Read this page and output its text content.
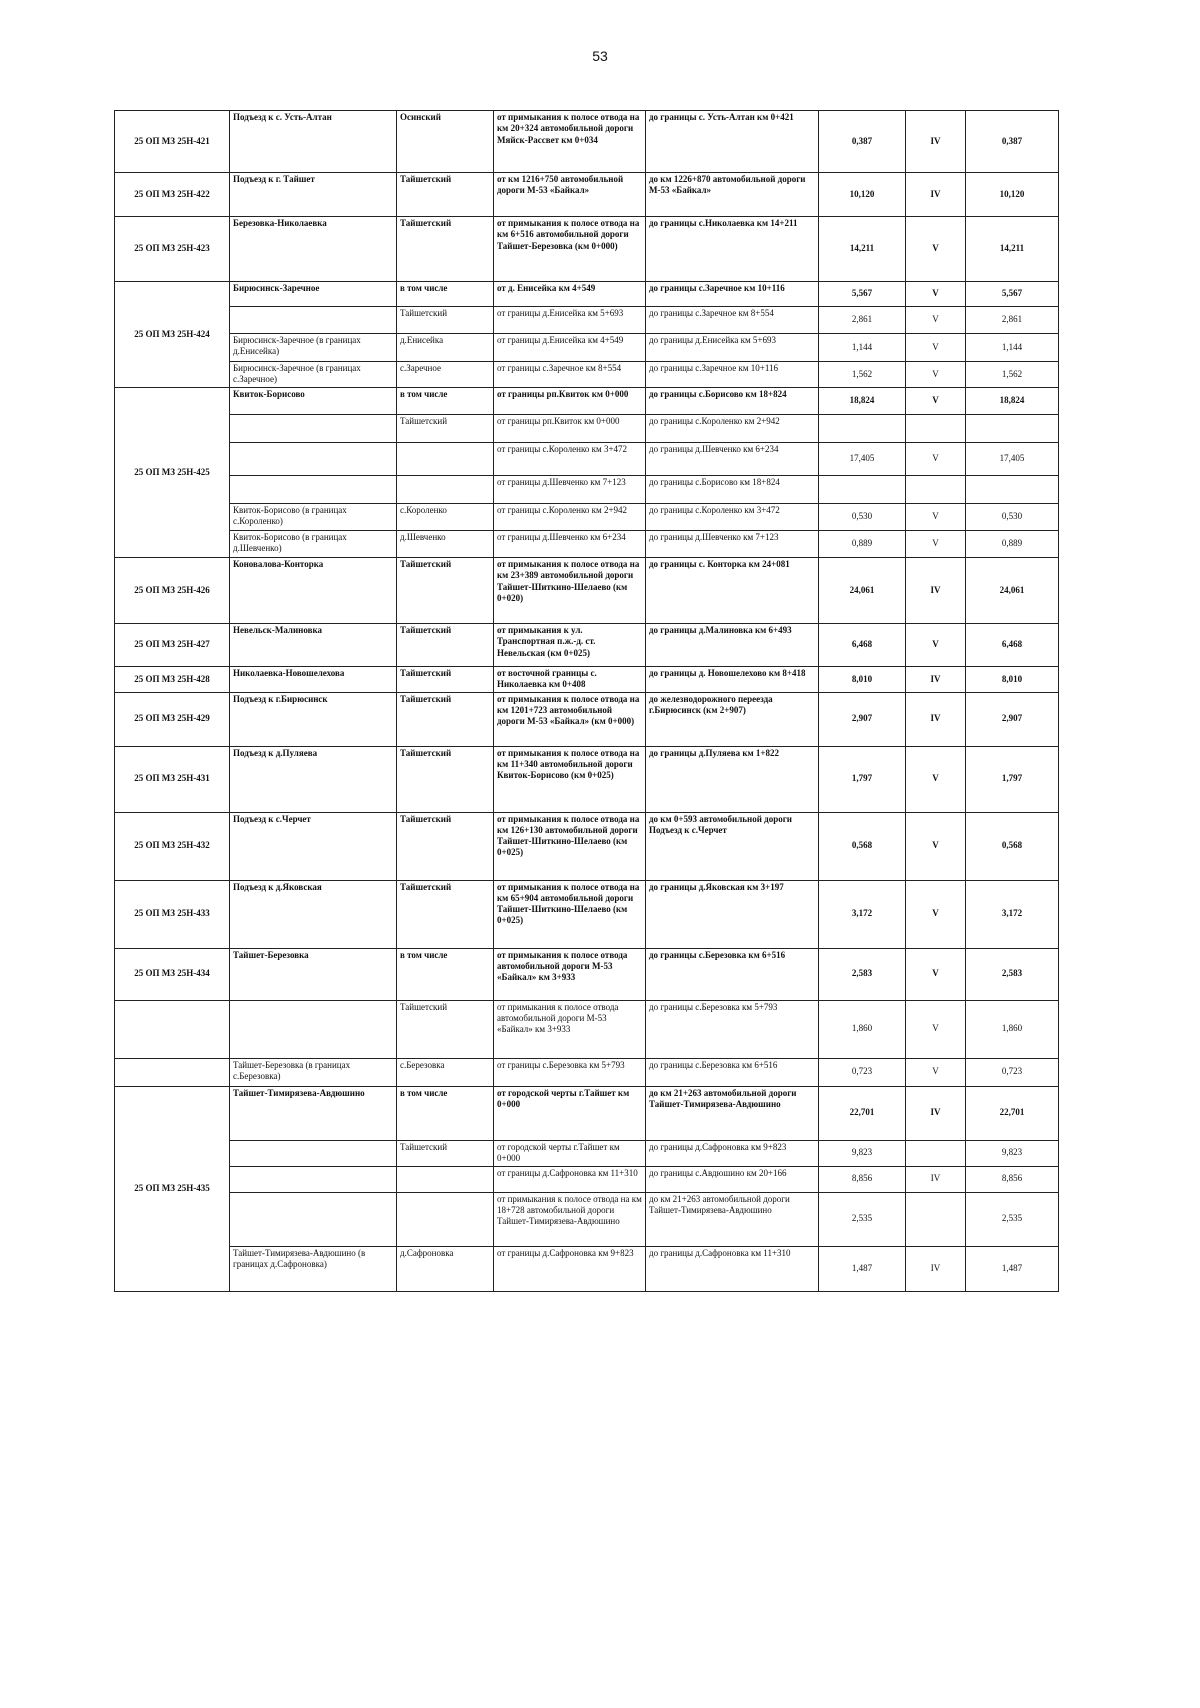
53
25 ОП МЗ 25Н-421	Подъезд к с. Усть-Алтан	Осинский	от примыкания к полосе отвода на км 20+324 автомобильной дороги Мяйск-Рассвет км 0+034	до границы с. Усть-Алтан км 0+421	0,387	IV	0,387
25 ОП МЗ 25Н-422	Подъезд к г. Тайшет	Тайшетский	от км 1216+750 автомобильной дороги М-53 «Байкал»	до км 1226+870 автомобильной дороги М-53 «Байкал»	10,120	IV	10,120
25 ОП МЗ 25Н-423	Березовка-Николаевка	Тайшетский	от примыкания к полосе отвода на км 6+516 автомобильной дороги Тайшет-Березовка (км 0+000)	до границы с.Николаевка км 14+211	14,211	V	14,211
25 ОП МЗ 25Н-424	Бирюсинск-Заречное	в том числе	от д. Енисейка км 4+549	до границы с.Заречное км 10+116	5,567	V	5,567
		Тайшетский	от границы д.Енисейка км 5+693	до границы с.Заречное км 8+554	2,861	V	2,861
	Бирюсинск-Заречное (в границах д.Енисейка)	д.Енисейка	от границы д.Енисейка км 4+549	до границы д.Енисейка км 5+693	1,144	V	1,144
	Бирюсинск-Заречное (в границах с.Заречное)	с.Заречное	от границы с.Заречное км 8+554	до границы с.Заречное км 10+116	1,562	V	1,562
25 ОП МЗ 25Н-425	Квиток-Борисово	в том числе	от границы рп.Квиток км 0+000	до границы с.Борисово км 18+824	18,824	V	18,824
		Тайшетский	от границы рп.Квиток км 0+000	до границы с.Короленко км 2+942			
			от границы с.Короленко км 3+472	до границы д.Шевченко км 6+234	17,405	V	17,405
			от границы д.Шевченко км 7+123	до границы с.Борисово км 18+824			
	Квиток-Борисово (в границах с.Короленко)	с.Короленко	от границы с.Короленко км 2+942	до границы с.Короленко км 3+472	0,530	V	0,530
	Квиток-Борисово (в границах д.Шевченко)	д.Шевченко	от границы д.Шевченко км 6+234	до границы д.Шевченко км 7+123	0,889	V	0,889
25 ОП МЗ 25Н-426	Коновалова-Конторка	Тайшетский	от примыкания к полосе отвода на км 23+389 автомобильной дороги Тайшет-Шиткино-Шелаево (км 0+020)	до границы с. Конторка км 24+081	24,061	IV	24,061
25 ОП МЗ 25Н-427	Невельск-Малиновка	Тайшетский	от примыкания к ул. Транспортная п.ж.-д. ст. Невельская (км 0+025)	до границы д.Малиновка км 6+493	6,468	V	6,468
25 ОП МЗ 25Н-428	Николаевка-Новошелехова	Тайшетский	от восточной границы с. Николаевка км 0+408	до границы д. Новошелехово км 8+418	8,010	IV	8,010
25 ОП МЗ 25Н-429	Подъезд к г.Бирюсинск	Тайшетский	от примыкания к полосе отвода на км 1201+723 автомобильной дороги М-53 «Байкал» (км 0+000)	до железнодорожного переезда г.Бирюсинск (км 2+907)	2,907	IV	2,907
25 ОП МЗ 25Н-431	Подъезд к д.Пуляева	Тайшетский	от примыкания к полосе отвода на км 11+340 автомобильной дороги Квиток-Борисово (км 0+025)	до границы д.Пуляева км 1+822	1,797	V	1,797
25 ОП МЗ 25Н-432	Подъезд к с.Черчет	Тайшетский	от примыкания к полосе отвода на км 126+130 автомобильной дороги Тайшет-Шиткино-Шелаево (км 0+025)	до км 0+593 автомобильной дороги Подъезд к с.Черчет	0,568	V	0,568
25 ОП МЗ 25Н-433	Подъезд к д.Яковская	Тайшетский	от примыкания к полосе отвода на км 65+904 автомобильной дороги Тайшет-Шиткино-Шелаево (км 0+025)	до границы д.Яковская км 3+197	3,172	V	3,172
25 ОП МЗ 25Н-434	Тайшет-Березовка	в том числе	от примыкания к полосе отвода автомобильной дороги М-53 «Байкал» км 3+933	до границы с.Березовка км 6+516	2,583	V	2,583
		Тайшетский	от примыкания к полосе отвода автомобильной дороги М-53 «Байкал» км 3+933	до границы с.Березовка км 5+793	1,860	V	1,860
	Тайшет-Березовка (в границах с.Березовка)	с.Березовка	от границы с.Березовка км 5+793	до границы с.Березовка км 6+516	0,723	V	0,723
25 ОП МЗ 25Н-435	Тайшет-Тимирязева-Авдюшино	в том числе	от городской черты г.Тайшет км 0+000	до км 21+263 автомобильной дороги Тайшет-Тимирязева-Авдюшино	22,701	IV	22,701
		Тайшетский	от городской черты г.Тайшет км 0+000	до границы д.Сафроновка км 9+823	9,823		9,823
			от границы д.Сафроновка км 11+310	до границы с.Авдюшино км 20+166	8,856	IV	8,856
			от примыкания к полосе отвода на км 18+728 автомобильной дороги Тайшет-Тимирязева-Авдюшино	до км 21+263 автомобильной дороги Тайшет-Тимирязева-Авдюшино	2,535		2,535
	Тайшет-Тимирязева-Авдюшино (в границах д.Сафроновка)	д.Сафроновка	от границы д.Сафроновка км 9+823	до границы д.Сафроновка км 11+310	1,487	IV	1,487
